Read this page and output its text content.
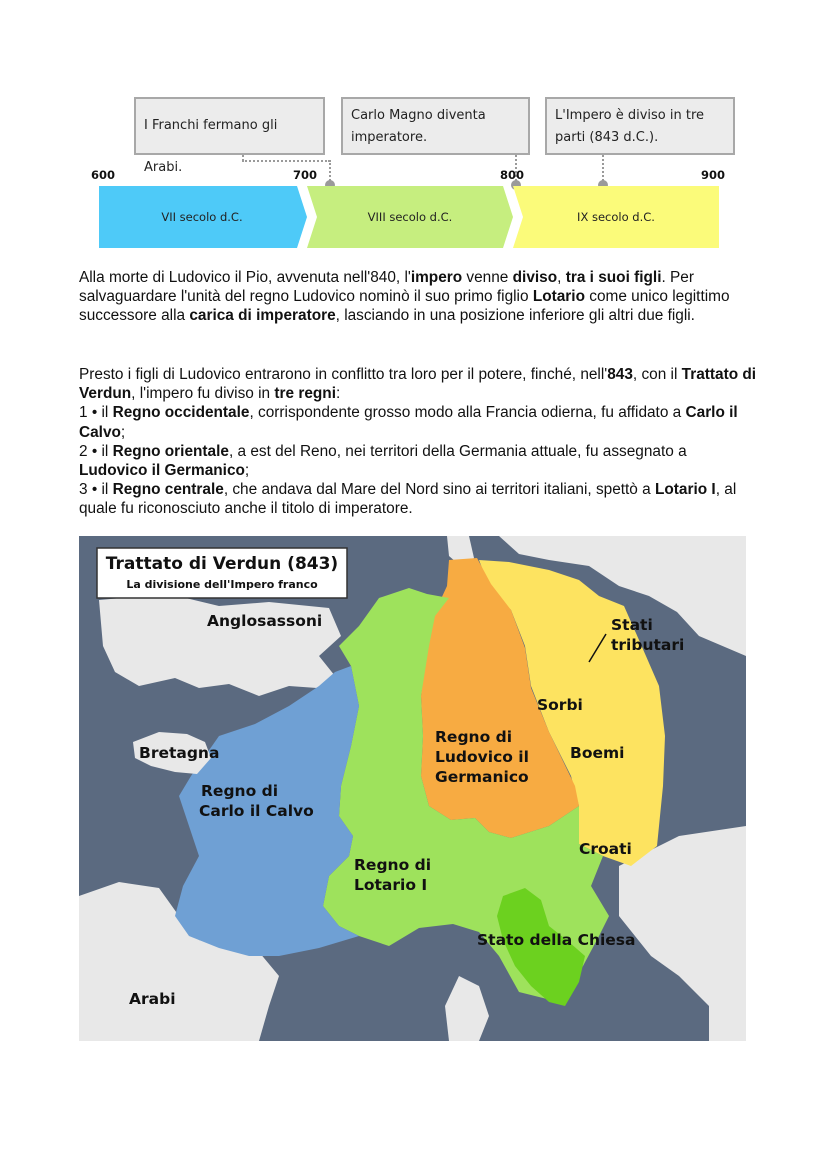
I Franchi fermano gli Arabi.
Carlo Magno diventa
imperatore.
L'Impero è diviso in tre
parti (843 d.C.).
600	700	800	900
VII secolo d.C.	VIII secolo d.C.	IX secolo d.C.
Alla morte di Ludovico il Pio, avvenuta nell'840, l'impero venne diviso, tra i suoi figli. Per salvaguardare l'unità del regno Ludovico nominò il suo primo figlio Lotario come unico legittimo successore alla carica di imperatore, lasciando in una posizione inferiore gli altri due figli.
Presto i figli di Ludovico entrarono in conflitto tra loro per il potere, finché, nell'843, con il Trattato di Verdun, l'impero fu diviso in tre regni:
1 • il Regno occidentale, corrispondente grosso modo alla Francia odierna, fu affidato a Carlo il Calvo;
2 • il Regno orientale, a est del Reno, nei territori della Germania attuale, fu assegnato a Ludovico il Germanico;
3 • il Regno centrale, che andava dal Mare del Nord sino ai territori italiani, spettò a Lotario I, al quale fu riconosciuto anche il titolo di imperatore.
Trattato di Verdun (843)
La divisione dell'Impero franco
Anglosassoni	Stati
tributari
Sorbi
Bretagna
Regno di
Ludovico il
Germanico
Boemi
Regno di
Carlo il Calvo
Croati
Regno di
Lotario I
Stato della Chiesa
Arabi
